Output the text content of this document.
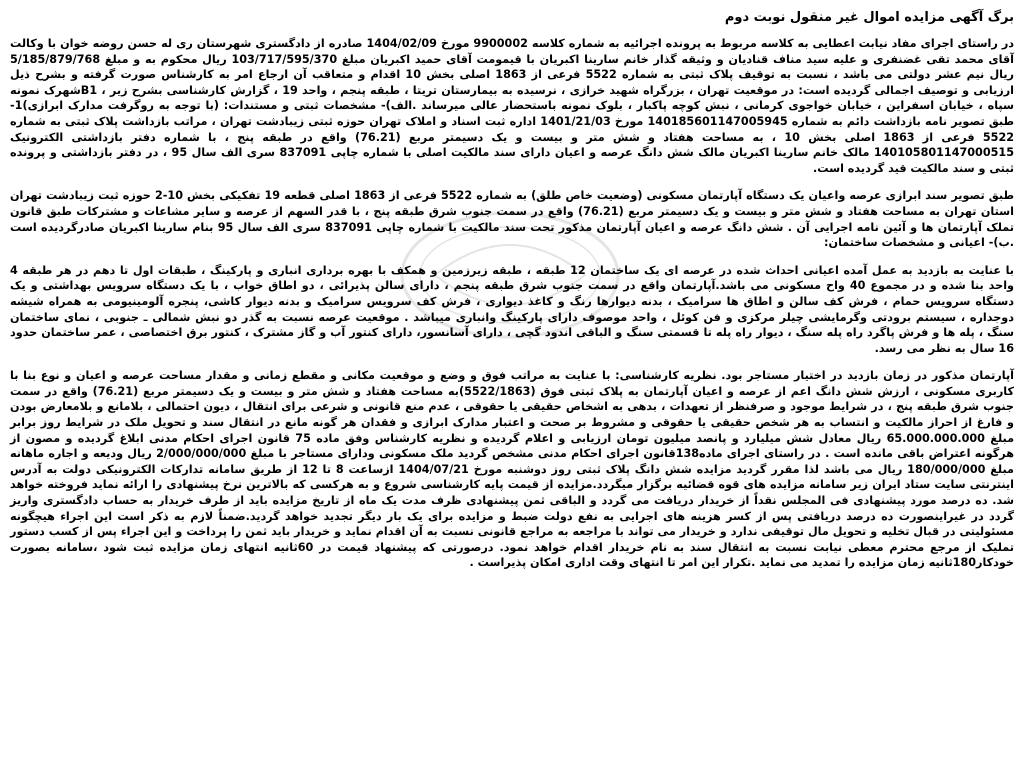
برگ آگهی مزایده اموال غیر منقول نوبت دوم

در راستای اجرای مفاد نیابت اعطایی به کلاسه مربوط به پرونده اجرائیه به شماره کلاسه 9900002 مورخ 1404/02/09 صادره از دادگستری شهرستان ری له حسن روضه خوان با وکالت آقای محمد تقی غضنفری و علیه سید مناف قنادیان و وثیقه گذار خانم سارینا اکبریان با قیمومت آقای حمید اکبریان مبلغ 103/717/595/370 ریال محکوم به و مبلغ 5/185/879/768 ریال نیم عشر دولتی می باشد ، نسبت به توقیف پلاک ثبتی به شماره 5522 فرعی از 1863 اصلی بخش 10 اقدام و متعاقب آن ارجاع امر به کارشناس صورت گرفته و بشرح ذیل ارزیابی و توصیف اجمالی گردیده است: در موقعیت تهران ، بزرگراه شهید خرازی ، نرسیده به بیمارستان تریتا ، طبقه پنجم ، واحد 19 ، گزارش کارشناسی بشرح زیر ، B1شهرک نمونه سپاه ، خیابان اسفراین ، خیابان خواجوی کرمانی ، نبش کوچه پاکبار ، بلوک نمونه باستحضار عالی میرساند .الف)- مشخصات ثبتی و مستندات: (با توجه به روگرفت مدارک ابرازی)1- طبق تصویر نامه بازداشت دائم به شماره 140185601147005945 مورخ 1401/21/03 اداره ثبت اسناد و املاک تهران حوزه ثبتی زیبادشت تهران ، مراتب بازداشت پلاک ثبتی به شماره 5522 فرعی از 1863 اصلی بخش 10 ، به مساحت هفتاد و شش متر و بیست و یک دسیمتر مربع (76.21) واقع در طبقه پنج ، با شماره دفتر بازداشتی الکترونیک 140105801147000515 مالک خانم سارینا اکبریان مالک شش دانگ عرصه و اعیان دارای سند مالکیت اصلی با شماره چاپی 837091 سری الف سال 95 ، در دفتر بازداشتی و پرونده ثبتی و سند مالکیت قید گردیده است.

طبق تصویر سند ابرازی عرصه واعیان یک دستگاه آپارتمان مسکونی (وضعیت خاص طلق) به شماره 5522 فرعی از 1863 اصلی قطعه 19 تفکیکی بخش 10-2 حوزه ثبت زیبادشت تهران استان تهران به مساحت هفتاد و شش متر و بیست و یک دسیمتر مربع (76.21) واقع در سمت جنوب شرق طبقه پنج ، با قدر السهم از عرصه و سایر مشاعات و مشترکات طبق قانون تملک آپارتمان ها و آئین نامه اجرایی آن . شش دانگ عرصه و اعیان آپارتمان مذکور تحت سند مالکیت با شماره چاپی 837091 سری الف سال 95 بنام سارینا اکبریان صادرگردیده است .ب)- اعیانی و مشخصات ساختمان:

با عنایت به بازدید به عمل آمده اعیانی احداث شده در عرصه ای یک ساختمان 12 طبقه ، طبقه زیرزمین و همکف با بهره برداری انباری و پارکینگ ، طبقات اول تا دهم در هر طبقه 4 واحد بنا شده و در مجموع 40 واح مسکونی می باشد.آپارتمان واقع در سمت جنوب شرق طبقه پنجم ، دارای سالن پذیرائی ، دو اطاق خواب ، با یک دستگاه سرویس بهداشتی و یک دستگاه سرویس حمام ، فرش کف سالن و اطاق ها سرامیک ، بدنه دیوارها رنگ و کاغذ دیواری ، فرش کف سرویس سرامیک و بدنه دیوار کاشی، پنجره آلومینیومی به همراه شیشه دوجداره ، سیستم برودتی وگرمایشی چیلر مرکزی و فن کوئل ، واحد موصوف دارای پارکینگ وانباری میباشد . موقعیت عرصه نسبت به گذر دو نبش شمالی ـ جنوبی ، نمای ساختمان سنگ ، پله ها و فرش پاگرد راه پله سنگ ، دیوار راه پله تا قسمتی سنگ و الباقی اندود گچی ، دارای آسانسور، دارای کنتور آب و گاز مشترک ، کنتور برق اختصاصی ، عمر ساختمان حدود 16 سال به نظر می رسد.

آپارتمان مذکور در زمان بازدید در اختیار مستاجر بود. نظریه کارشناسی: با عنایت به مراتب فوق و وضع و موقعیت مکانی و مقطع زمانی و مقدار مساحت عرصه و اعیان و نوع بنا با کاربری مسکونی ، ارزش شش دانگ اعم از عرصه و اعیان آپارتمان به پلاک ثبتی فوق (5522/1863)به مساحت هفتاد و شش متر و بیست و یک دسیمتر مربع (76.21) واقع در سمت جنوب شرق طبقه پنج ، در شرایط موجود و صرفنظر از تعهدات ، بدهی به اشخاص حقیقی یا حقوقی ، عدم منع قانونی و شرعی برای انتقال ، دیون احتمالی ، بلامانع و بلامعارض بودن و فارغ از احراز مالکیت و انتساب به هر شخص حقیقی یا حقوقی و مشروط بر صحت و اعتبار مدارک ابرازی و فقدان هر گونه مانع در انتقال سند و تحویل ملک در شرایط روز برابر مبلغ 65.000.000.000 ریال معادل شش میلیارد و پانصد میلیون تومان ارزیابی و اعلام گردیده و نظریه کارشناس وفق ماده 75 قانون اجرای احکام مدنی ابلاغ گردیده و مصون از هرگونه اعتراض باقی مانده است . در راستای اجرای ماده138قانون اجرای احکام مدنی مشخص گردید ملک مسکونی ودارای مستاجر با مبلغ 2/000/000/000 ریال ودیعه و اجاره ماهانه مبلغ 180/000/000 ریال می باشد لذا مقرر گردید مزایده شش دانگ پلاک ثبتی روز دوشنبه مورخ 1404/07/21 ازساعت 8 تا 12 از طریق سامانه تدارکات الکترونیکی دولت به آدرس اینترنتی سایت ستاد ایران زیر سامانه مزایده های قوه قضائیه برگزار میگردد.مزایده از قیمت پایه کارشناسی شروع و به هرکسی که بالاترین نرخ پیشنهادی را ارائه نماید فروخته خواهد شد. ده درصد مورد پیشنهادی فی المجلس نقداً از خریدار دریافت می گردد و الباقی ثمن پیشنهادی ظرف مدت یک ماه از تاریخ مزایده باید از طرف خریدار به حساب دادگستری واریز گردد در غیراینصورت ده درصد دریافتی پس از کسر هزینه های اجرایی به نفع دولت ضبط و مزایده برای یک بار دیگر تجدید خواهد گردید.ضمناً لازم به ذکر است این اجراء هیچگونه مسئولیتی در قبال تخلیه و تحویل مال توقیفی ندارد و خریدار می تواند با مراجعه به مراجع قانونی نسبت به آن اقدام نماید و خریدار باید ثمن را پرداخت و این اجراء پس از کسب دستور تملیک از مرجع محترم معطی نیابت نسبت به انتقال سند به نام خریدار اقدام خواهد نمود. درصورتی که پیشنهاد قیمت در 60ثانیه انتهای زمان مزایده ثبت شود ،سامانه بصورت خودکار180ثانیه زمان مزایده را تمدید می نماید .تکرار این امر تا انتهای وقت اداری امکان پذیراست .
